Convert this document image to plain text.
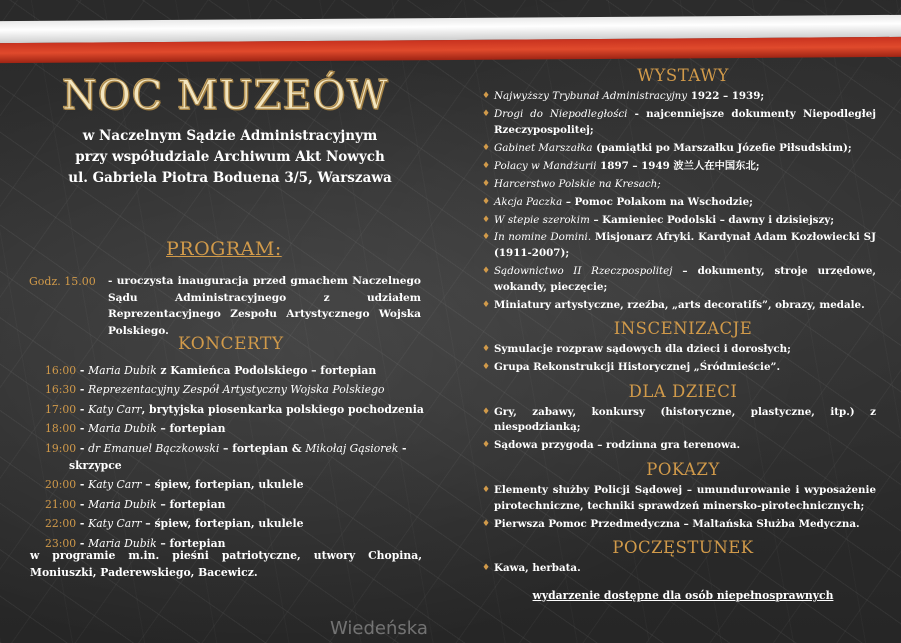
Wiedeńska
NOC MUZEÓW
w Naczelnym Sądzie Administracyjnym
przy współudziale Archiwum Akt Nowych
ul. Gabriela Piotra Boduena 3/5, Warszawa
PROGRAM:
Godz. 15.00 - uroczysta inauguracja przed gmachem Naczelnego Sądu Administracyjnego z udziałem Reprezentacyjnego Zespołu Artystycznego Wojska Polskiego.
KONCERTY
16:00 - Maria Dubik z Kamieńca Podolskiego – fortepian
16:30 - Reprezentacyjny Zespół Artystyczny Wojska Polskiego
17:00 - Katy Carr, brytyjska piosenkarka polskiego pochodzenia
18:00 - Maria Dubik – fortepian
19:00 - dr Emanuel Bączkowski – fortepian & Mikołaj Gąsiorek -
skrzypce
20:00 - Katy Carr – śpiew, fortepian, ukulele
21:00 - Maria Dubik – fortepian
22:00 - Katy Carr – śpiew, fortepian, ukulele
23:00 - Maria Dubik – fortepian
w programie m.in. pieśni patriotyczne, utwory Chopina, Moniuszki, Paderewskiego, Bacewicz.
WYSTAWY
♦ Najwyższy Trybunał Administracyjny 1922 – 1939;
♦ Drogi do Niepodległości - najcenniejsze dokumenty Niepodległej Rzeczypospolitej;
♦ Gabinet Marszałka (pamiątki po Marszałku Józefie Piłsudskim);
♦ Polacy w Mandżurii 1897 – 1949 波兰人在中国东北;
♦ Harcerstwo Polskie na Kresach;
♦ Akcja Paczka – Pomoc Polakom na Wschodzie;
♦ W stepie szerokim – Kamieniec Podolski – dawny i dzisiejszy;
♦ In nomine Domini. Misjonarz Afryki. Kardynał Adam Kozłowiecki SJ (1911-2007);
♦ Sądownictwo II Rzeczpospolitej – dokumenty, stroje urzędowe, wokandy, pieczęcie;
♦ Miniatury artystyczne, rzeźba, „arts decoratifs”, obrazy, medale.
INSCENIZACJE
♦ Symulacje rozpraw sądowych dla dzieci i dorosłych;
♦ Grupa Rekonstrukcji Historycznej „Śródmieście”.
DLA DZIECI
♦ Gry, zabawy, konkursy (historyczne, plastyczne, itp.) z niespodzianką;
♦ Sądowa przygoda – rodzinna gra terenowa.
POKAZY
♦ Elementy służby Policji Sądowej – umundurowanie i wyposażenie pirotechniczne, techniki sprawdzeń minersko-pirotechnicznych;
♦ Pierwsza Pomoc Przedmedyczna – Maltańska Służba Medyczna.
POCZĘSTUNEK
♦ Kawa, herbata.
wydarzenie dostępne dla osób niepełnosprawnych
